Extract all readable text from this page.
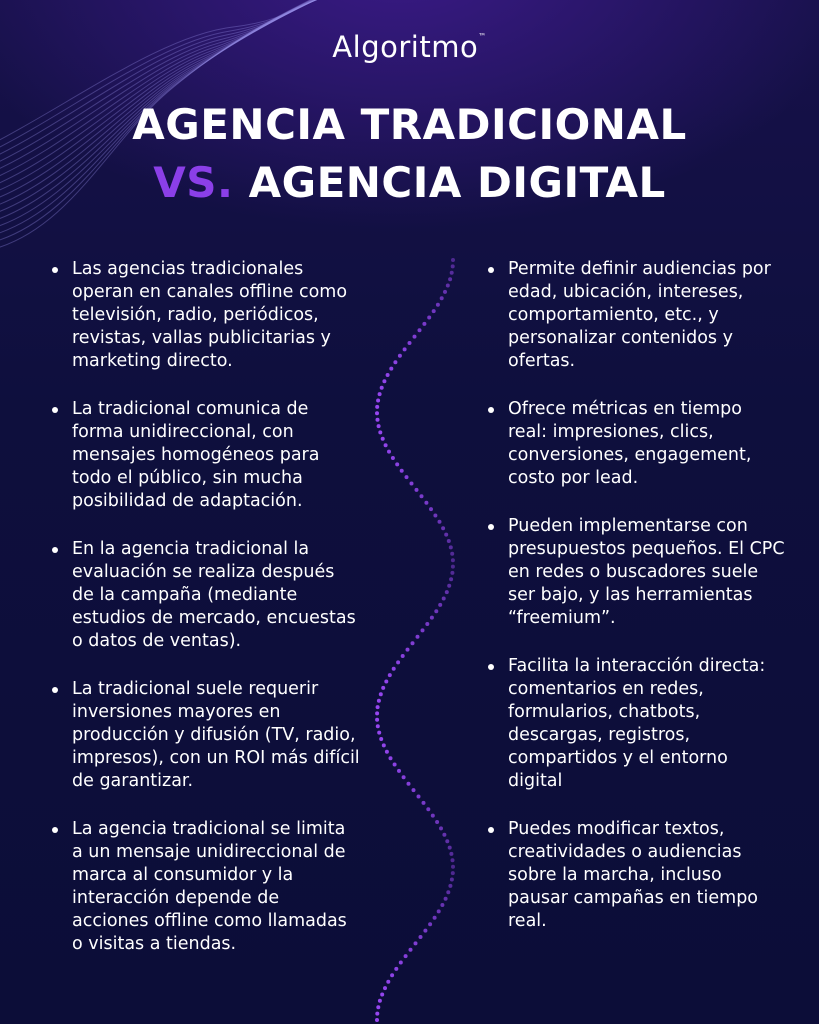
Algoritmo™
AGENCIA TRADICIONAL
VS. AGENCIA DIGITAL
Las agencias tradicionales operan en canales offline como televisión, radio, periódicos, revistas, vallas publicitarias y marketing directo.
La tradicional comunica de forma unidireccional, con mensajes homogéneos para todo el público, sin mucha posibilidad de adaptación.
En la agencia tradicional la evaluación se realiza después de la campaña (mediante estudios de mercado, encuestas o datos de ventas).
La tradicional suele requerir inversiones mayores en producción y difusión (TV, radio, impresos), con un ROI más difícil de garantizar.
La agencia tradicional se limita a un mensaje unidireccional de marca al consumidor y la interacción depende de acciones offline como llamadas o visitas a tiendas.
Permite definir audiencias por edad, ubicación, intereses, comportamiento, etc., y personalizar contenidos y ofertas.
Ofrece métricas en tiempo real: impresiones, clics, conversiones, engagement, costo por lead.
Pueden implementarse con presupuestos pequeños. El CPC en redes o buscadores suele ser bajo, y las herramientas “freemium”.
Facilita la interacción directa: comentarios en redes, formularios, chatbots, descargas, registros, compartidos y el entorno digital
Puedes modificar textos, creatividades o audiencias sobre la marcha, incluso pausar campañas en tiempo real.
